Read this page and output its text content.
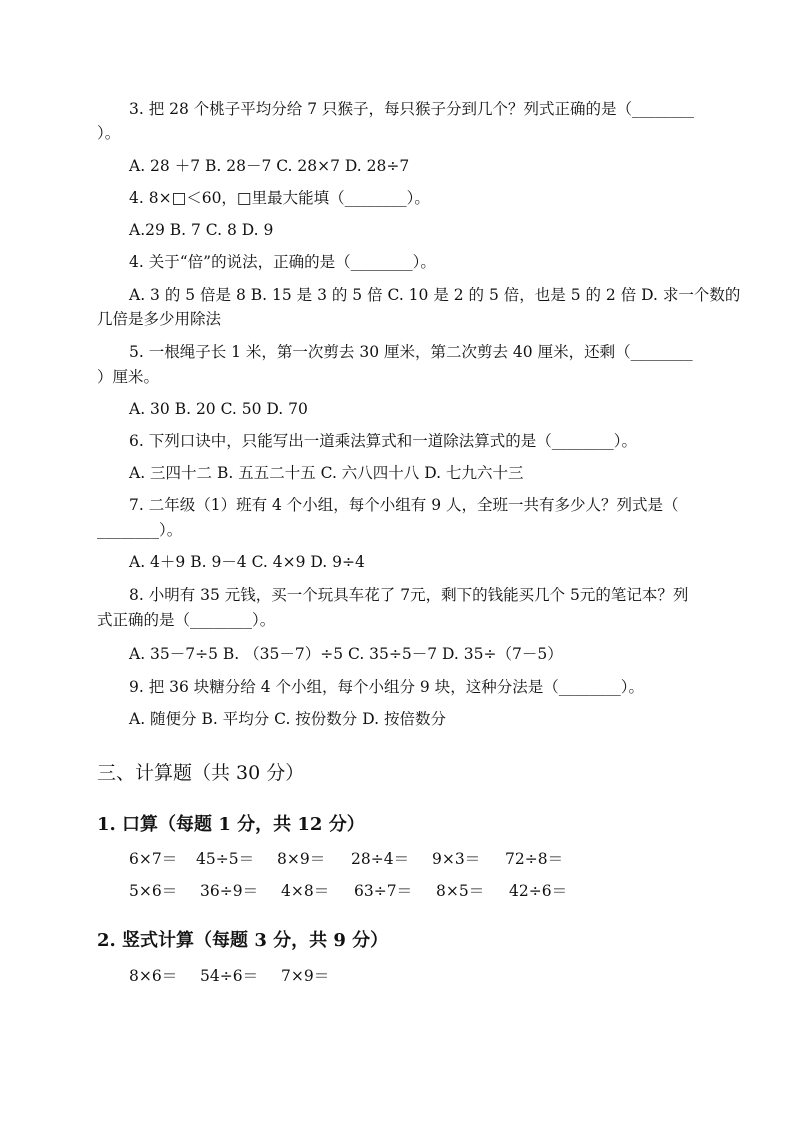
3. 把 28 个桃子平均分给 7 只猴子，每只猴子分到几个？列式正确的是（________
）。
A. 28 ＋7 B. 28－7 C. 28×7 D. 28÷7
4. 8×□＜60，□里最大能填（________）。
A.29 B. 7 C. 8 D. 9
4. 关于“倍”的说法，正确的是（________）。
A. 3 的 5 倍是 8 B. 15 是 3 的 5 倍 C. 10 是 2 的 5 倍，也是 5 的 2 倍 D. 求一个数的
几倍是多少用除法
5. 一根绳子长 1 米，第一次剪去 30 厘米，第二次剪去 40 厘米，还剩（________
）厘米。
A. 30 B. 20 C. 50 D. 70
6. 下列口诀中，只能写出一道乘法算式和一道除法算式的是（________）。
A. 三四十二 B. 五五二十五 C. 六八四十八 D. 七九六十三
7. 二年级（1）班有 4 个小组，每个小组有 9 人，全班一共有多少人？列式是（
________）。
A. 4＋9 B. 9－4 C. 4×9 D. 9÷4
8. 小明有 35 元钱，买一个玩具车花了 7元，剩下的钱能买几个 5元的笔记本？列
式正确的是（________）。
A. 35－7÷5 B. （35－7）÷5 C. 35÷5－7 D. 35÷（7－5）
9. 把 36 块糖分给 4 个小组，每个小组分 9 块，这种分法是（________）。
A. 随便分 B. 平均分 C. 按份数分 D. 按倍数分
三、计算题（共 30 分）
1. 口算（每题 1 分，共 12 分）
6×7＝ 45÷5＝ 8×9＝ 28÷4＝ 9×3＝ 72÷8＝
5×6＝ 36÷9＝ 4×8＝ 63÷7＝ 8×5＝ 42÷6＝
2. 竖式计算（每题 3 分，共 9 分）
8×6＝ 54÷6＝ 7×9＝
